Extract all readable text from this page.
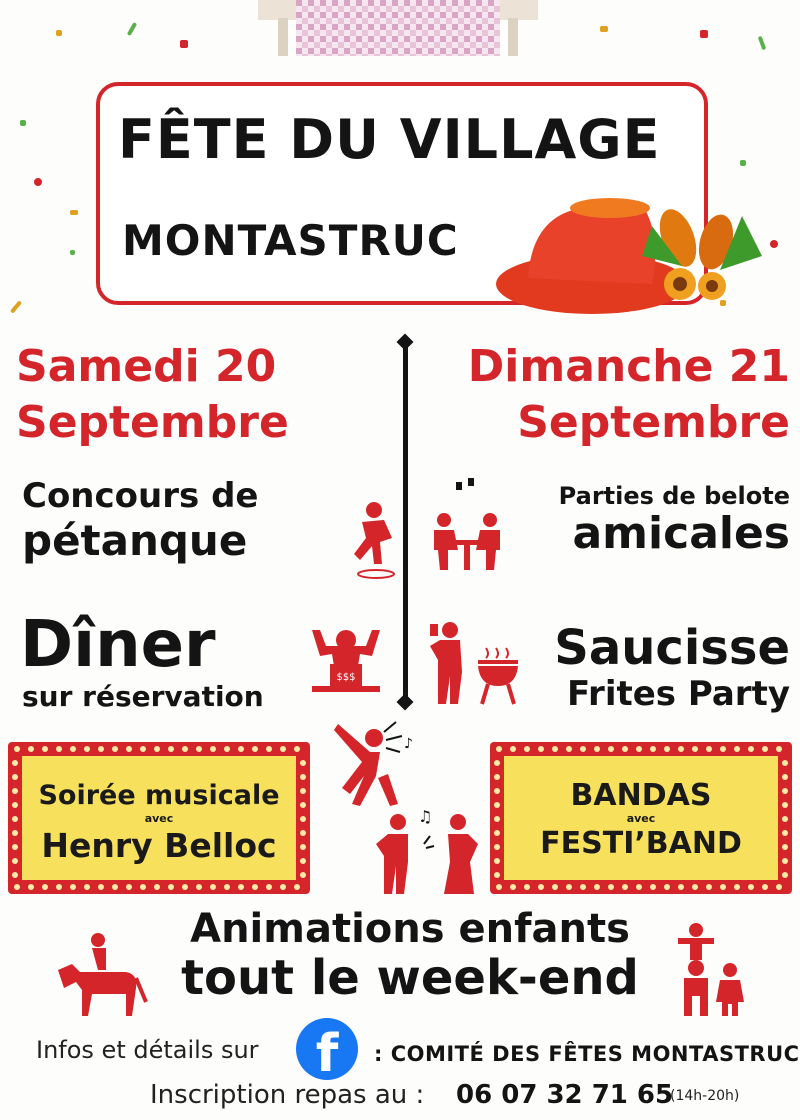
FÊTE DU VILLAGE
MONTASTRUC
Samedi 20
Septembre
Dimanche 21
Septembre
Concours de
pétanque
Parties de belote
amicales
Dîner
sur réservation
$$$
Saucisse
Frites Party
♪
♫
Soirée musicale
avec
Henry Belloc
BANDAS
avec
FESTI’BAND
Animations enfants
tout le week-end
Infos et détails sur	f	: COMITÉ DES FÊTES MONTASTRUC
Inscription repas au : 06 07 32 71 65
(14h-20h)
